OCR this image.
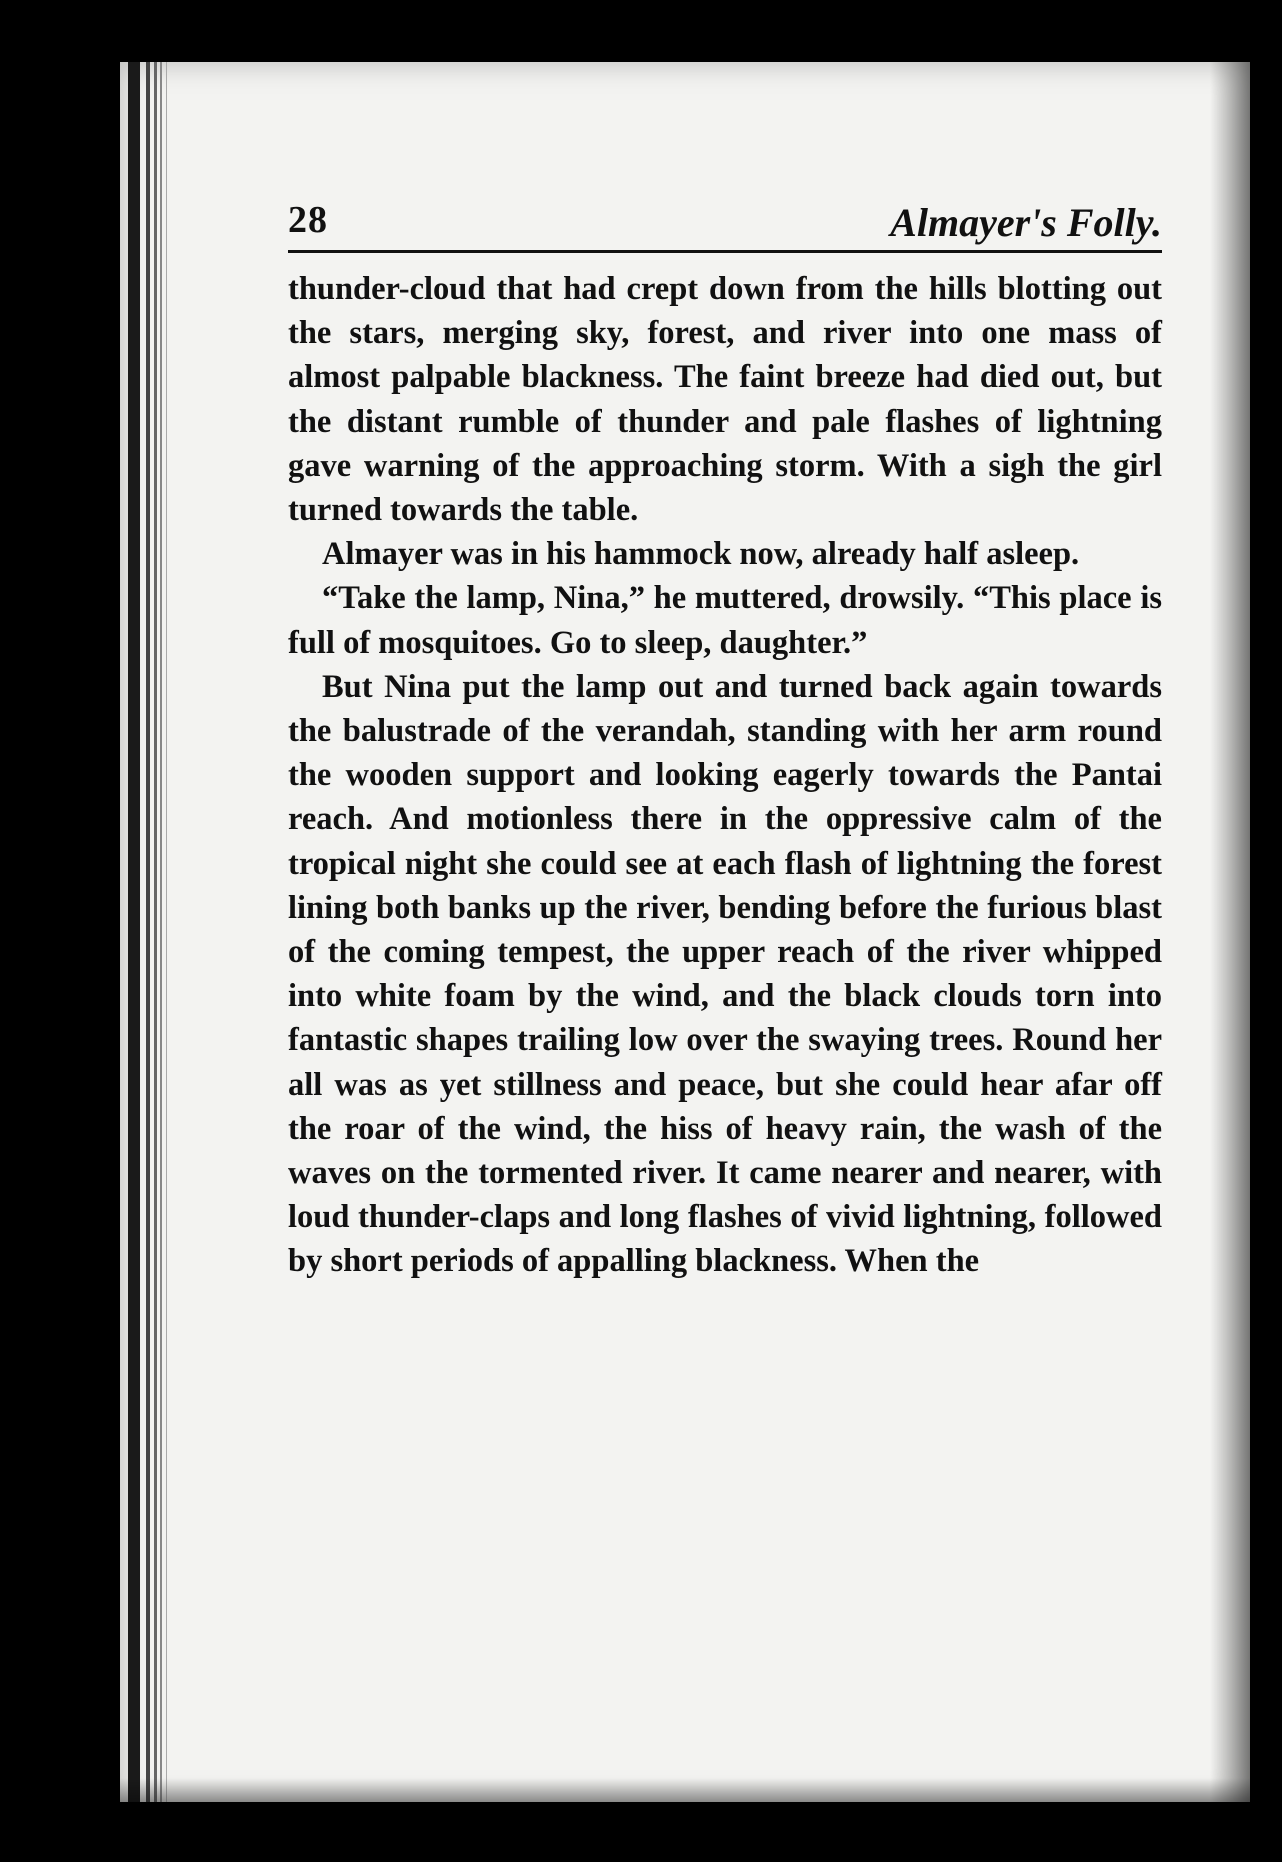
28	Almayer's Folly.

thunder-cloud that had crept down from the hills blotting out the stars, merging sky, forest, and river into one mass of almost palpable blackness. The faint breeze had died out, but the distant rumble of thunder and pale flashes of lightning gave warning of the approaching storm. With a sigh the girl turned towards the table.

Almayer was in his hammock now, already half asleep.

“Take the lamp, Nina,” he muttered, drowsily. “This place is full of mosquitoes. Go to sleep, daughter.”

But Nina put the lamp out and turned back again towards the balustrade of the verandah, standing with her arm round the wooden support and looking eagerly towards the Pantai reach. And motionless there in the oppressive calm of the tropical night she could see at each flash of lightning the forest lining both banks up the river, bending before the furious blast of the coming tempest, the upper reach of the river whipped into white foam by the wind, and the black clouds torn into fantastic shapes trailing low over the swaying trees. Round her all was as yet stillness and peace, but she could hear afar off the roar of the wind, the hiss of heavy rain, the wash of the waves on the tormented river. It came nearer and nearer, with loud thunder-claps and long flashes of vivid lightning, followed by short periods of appalling blackness. When the
